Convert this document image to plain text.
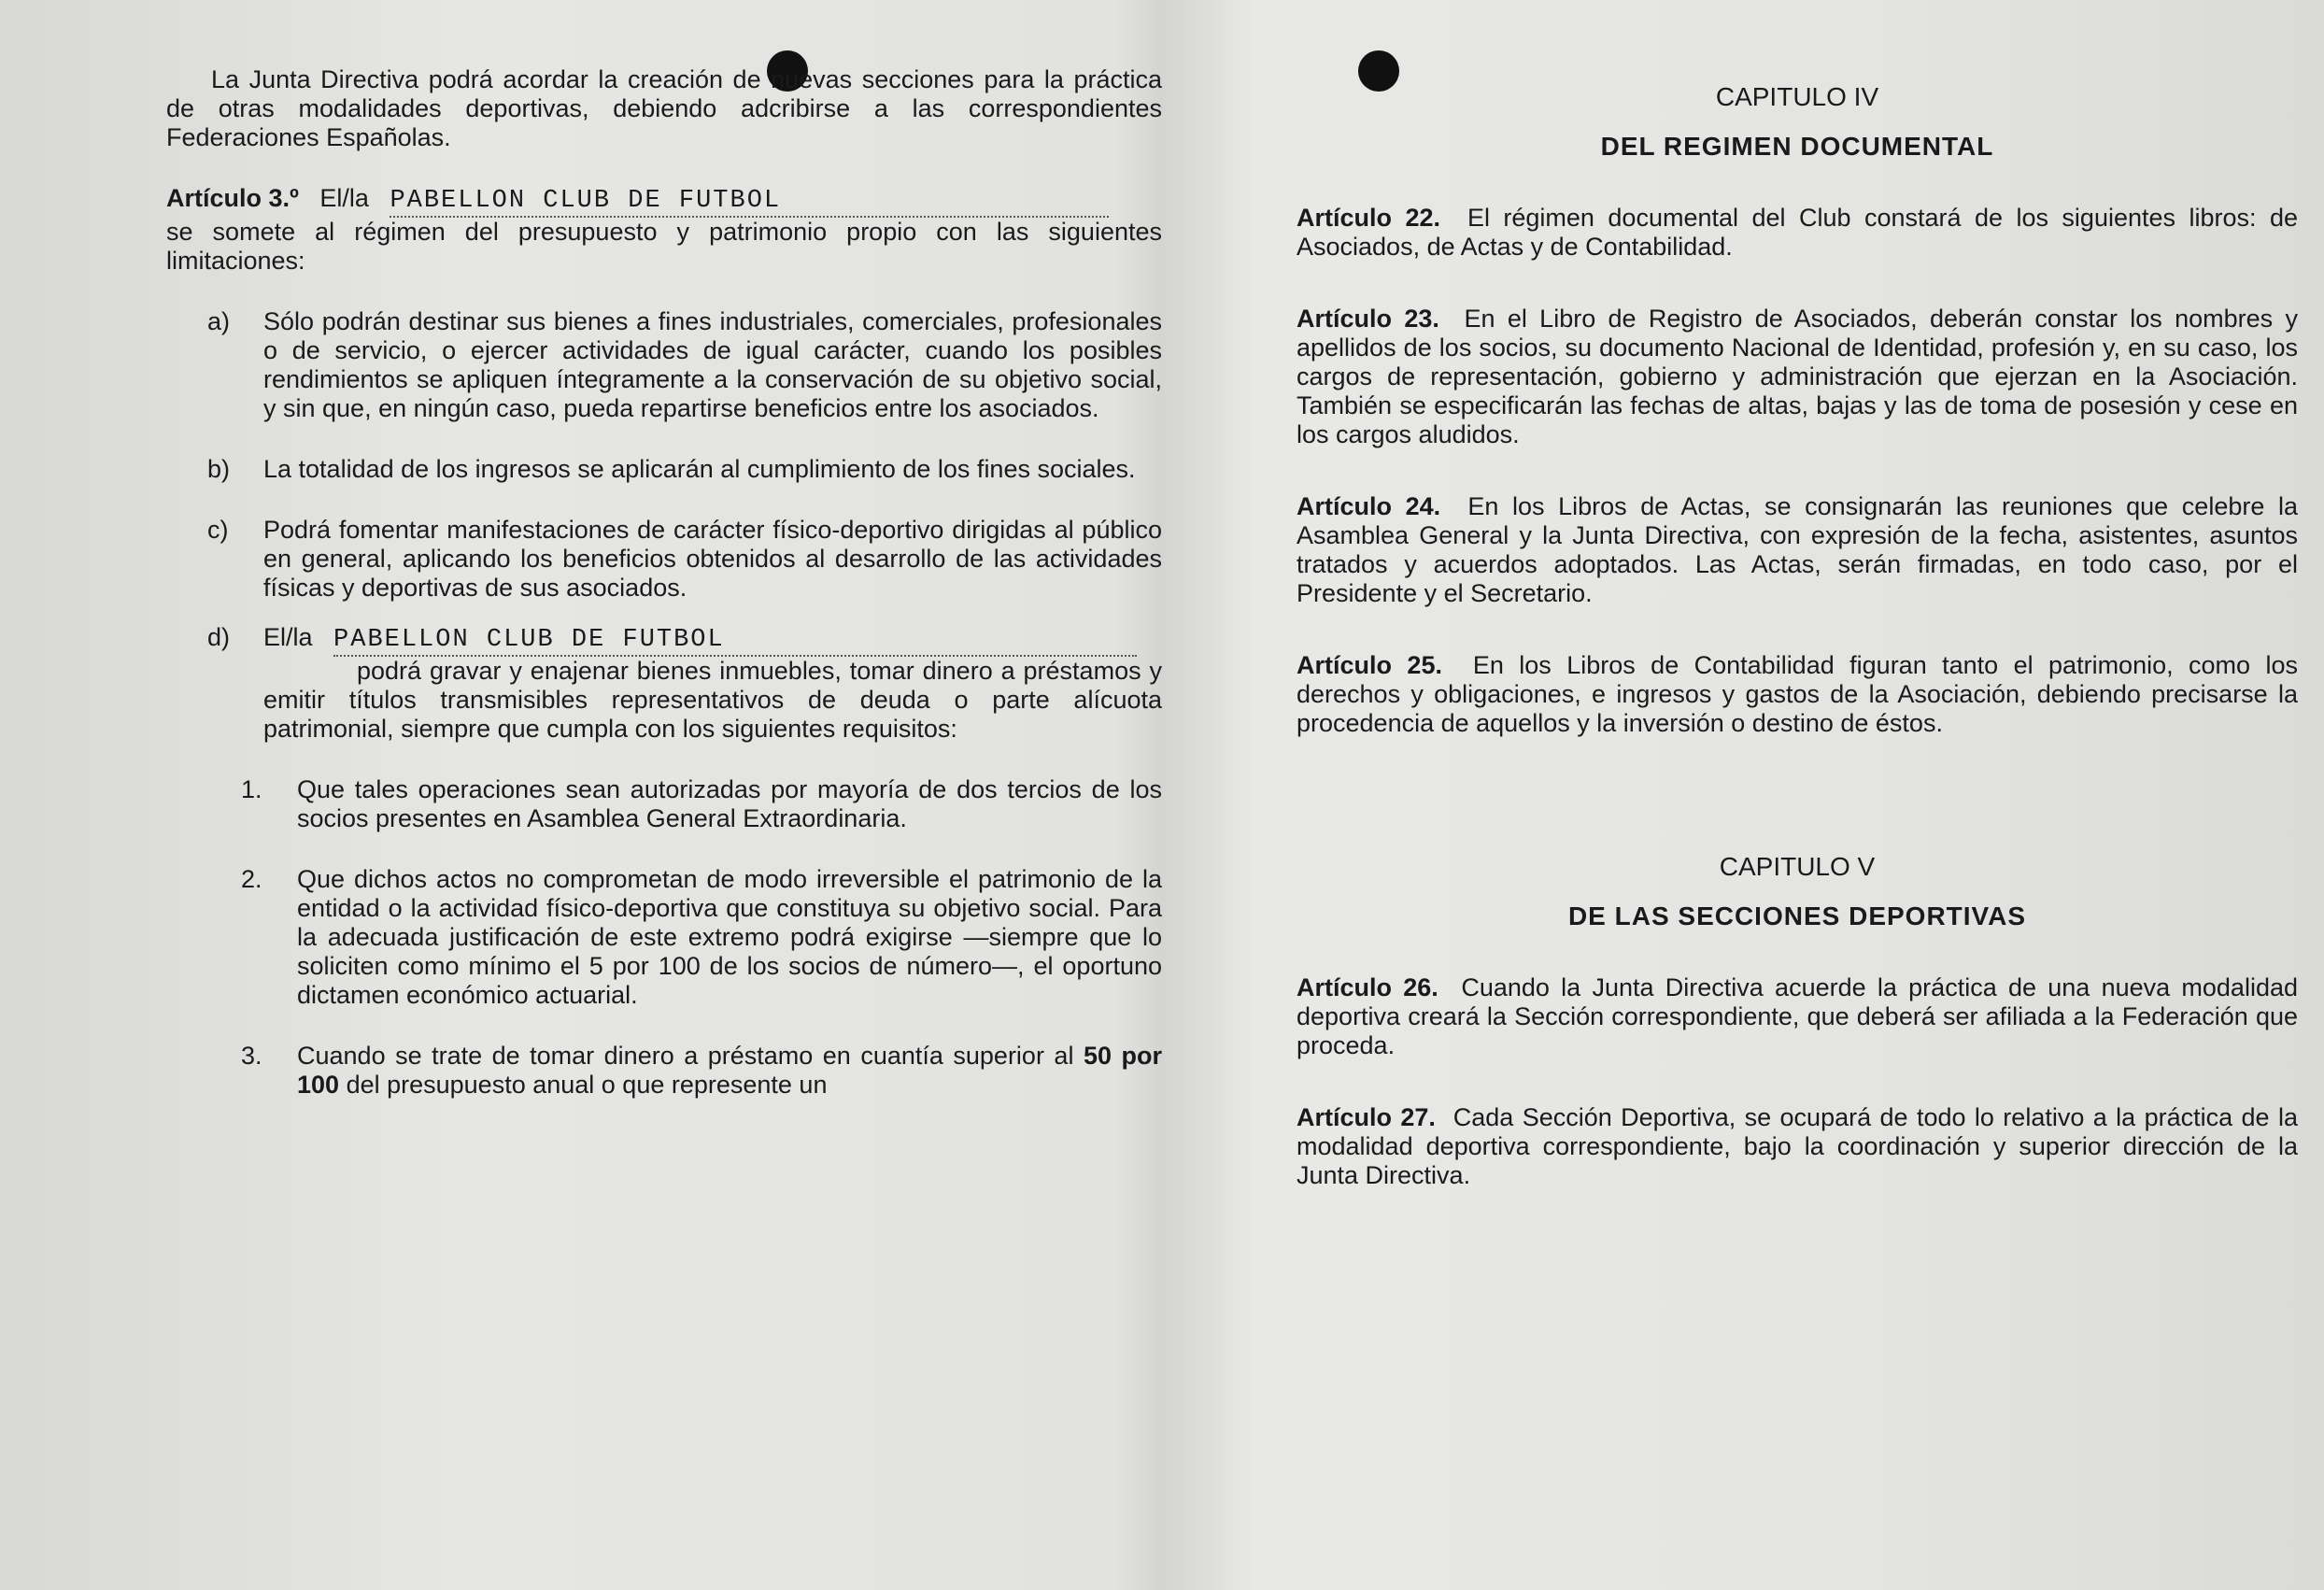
La Junta Directiva podrá acordar la creación de nuevas secciones para la práctica de otras modalidades deportivas, debiendo adcribirse a las correspondientes Federaciones Españolas.

Artículo 3.º El/la PABELLON CLUB DE FUTBOL

se somete al régimen del presupuesto y patrimonio propio con las siguientes limitaciones:

a) Sólo podrán destinar sus bienes a fines industriales, comerciales, profesionales o de servicio, o ejercer actividades de igual carácter, cuando los posibles rendimientos se apliquen íntegramente a la conservación de su objetivo social, y sin que, en ningún caso, pueda repartirse beneficios entre los asociados.

b) La totalidad de los ingresos se aplicarán al cumplimiento de los fines sociales.

c) Podrá fomentar manifestaciones de carácter físico-deportivo dirigidas al público en general, aplicando los beneficios obtenidos al desarrollo de las actividades físicas y deportivas de sus asociados.

d) El/la PABELLON CLUB DE FUTBOL

podrá gravar y enajenar bienes inmuebles, tomar dinero a préstamos y emitir títulos transmisibles representativos de deuda o parte alícuota patrimonial, siempre que cumpla con los siguientes requisitos:

1. Que tales operaciones sean autorizadas por mayoría de dos tercios de los socios presentes en Asamblea General Extraordinaria.

2. Que dichos actos no comprometan de modo irreversible el patrimonio de la entidad o la actividad físico-deportiva que constituya su objetivo social. Para la adecuada justificación de este extremo podrá exigirse —siempre que lo soliciten como mínimo el 5 por 100 de los socios de número—, el oportuno dictamen económico actuarial.

3. Cuando se trate de tomar dinero a préstamo en cuantía superior al 50 por 100 del presupuesto anual o que represente un

CAPITULO IV
DEL REGIMEN DOCUMENTAL

Artículo 22. El régimen documental del Club constará de los siguientes libros: de Asociados, de Actas y de Contabilidad.

Artículo 23. En el Libro de Registro de Asociados, deberán constar los nombres y apellidos de los socios, su documento Nacional de Identidad, profesión y, en su caso, los cargos de representación, gobierno y administración que ejerzan en la Asociación. También se especificarán las fechas de altas, bajas y las de toma de posesión y cese en los cargos aludidos.

Artículo 24. En los Libros de Actas, se consignarán las reuniones que celebre la Asamblea General y la Junta Directiva, con expresión de la fecha, asistentes, asuntos tratados y acuerdos adoptados. Las Actas, serán firmadas, en todo caso, por el Presidente y el Secretario.

Artículo 25. En los Libros de Contabilidad figuran tanto el patrimonio, como los derechos y obligaciones, e ingresos y gastos de la Asociación, debiendo precisarse la procedencia de aquellos y la inversión o destino de éstos.

CAPITULO V
DE LAS SECCIONES DEPORTIVAS

Artículo 26. Cuando la Junta Directiva acuerde la práctica de una nueva modalidad deportiva creará la Sección correspondiente, que deberá ser afiliada a la Federación que proceda.

Artículo 27. Cada Sección Deportiva, se ocupará de todo lo relativo a la práctica de la modalidad deportiva correspondiente, bajo la coordinación y superior dirección de la Junta Directiva.
